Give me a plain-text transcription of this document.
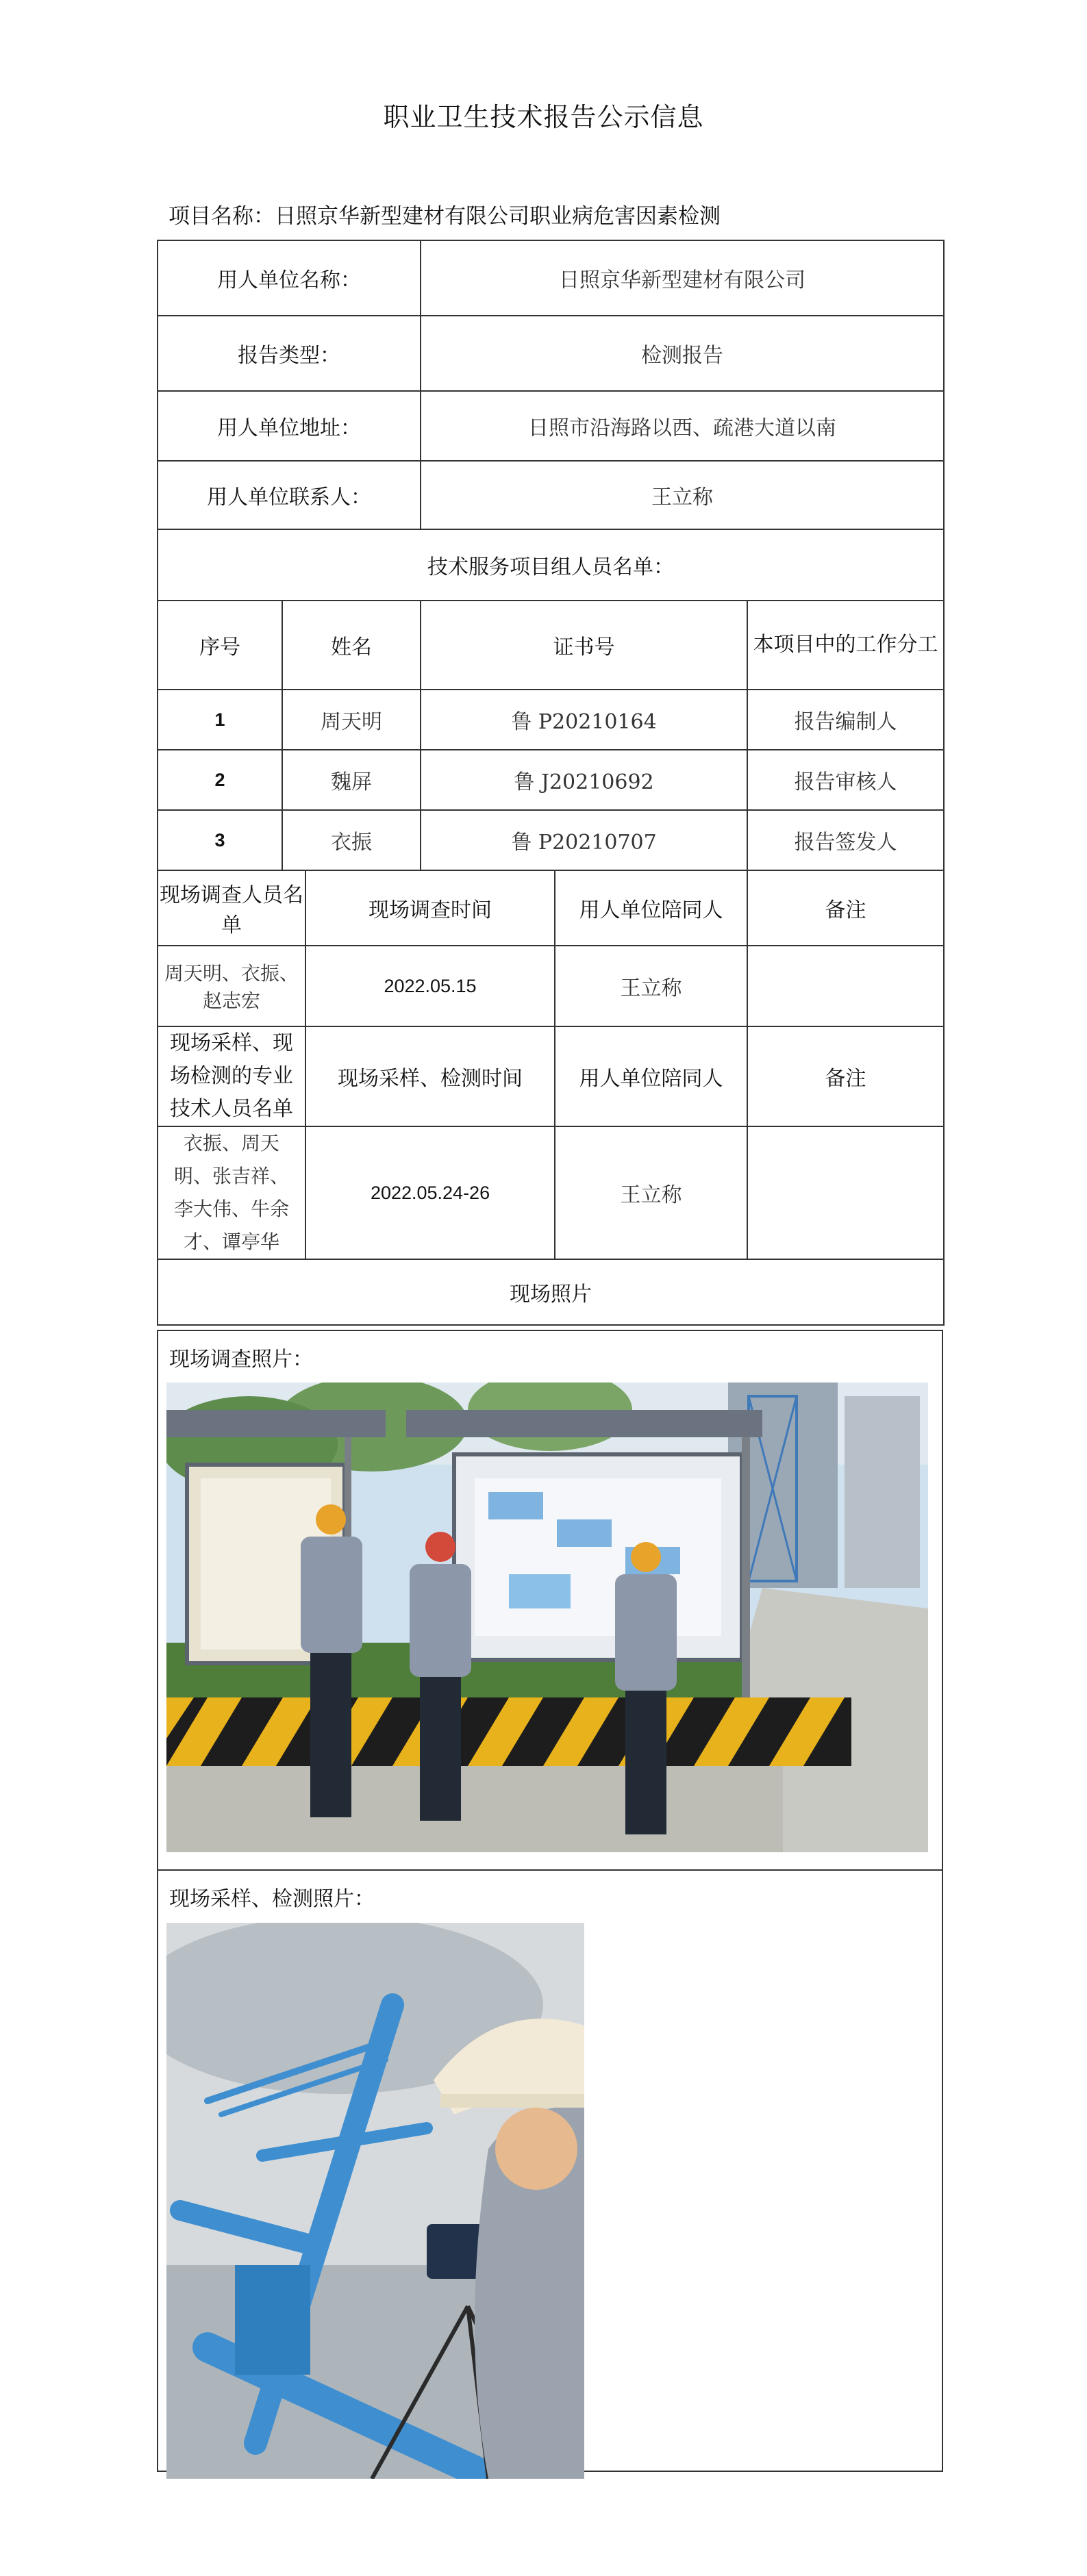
职业卫生技术报告公示信息
项目名称：日照京华新型建材有限公司职业病危害因素检测
用人单位名称：			日照京华新型建材有限公司		
报告类型：			检测报告		
用人单位地址：			日照市沿海路以西、疏港大道以南		
用人单位联系人：			王立称		
技术服务项目组人员名单：					
序号	姓名		证书号		本项目中的工作分工
1	周天明		鲁 P20210164		报告编制人
2	魏屏		鲁 J20210692		报告审核人
3	衣振		鲁 P20210707		报告签发人
现场调查人员名单		现场调查时间		用人单位陪同人	备注
周天明、衣振、赵志宏		2022.05.15		王立称	
现场采样、现场检测的专业技术人员名单		现场采样、检测时间		用人单位陪同人	备注
衣振、周天明、张吉祥、李大伟、牛余才、谭亭华		2022.05.24-26		王立称	
现场照片					
现场调查照片：
现场采样、检测照片：
